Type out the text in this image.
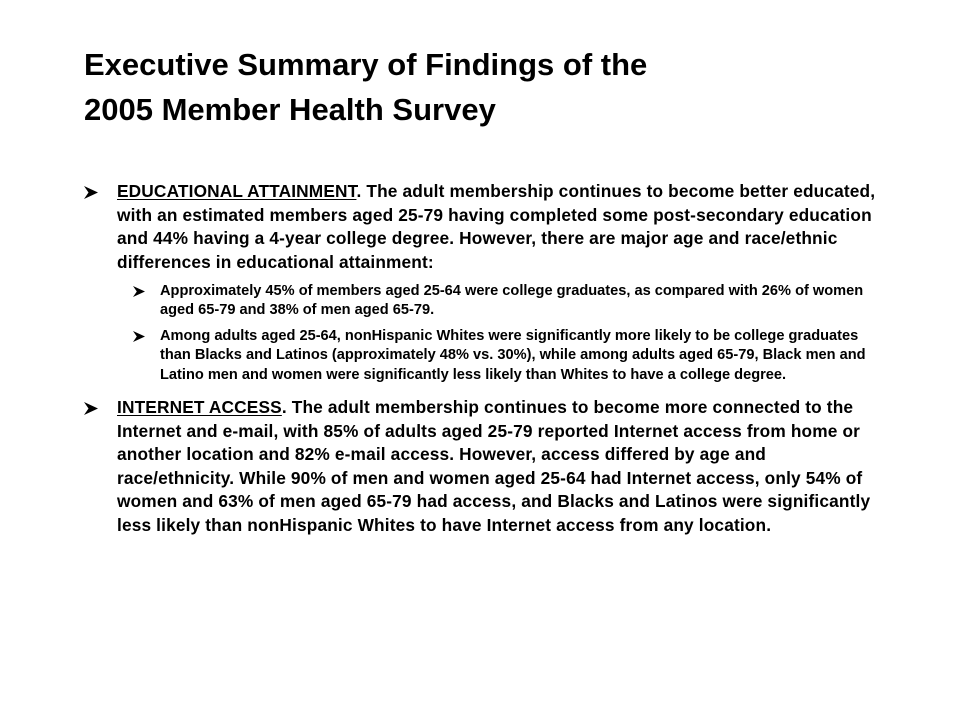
Executive Summary of Findings of the
2005 Member Health Survey
EDUCATIONAL ATTAINMENT. The adult membership continues to become better educated, with an estimated members aged 25-79 having completed some post-secondary education and 44% having a 4-year college degree. However, there are major age and race/ethnic differences in educational attainment:
Approximately 45% of members aged 25-64 were college graduates, as compared with 26% of women aged 65-79 and 38% of men aged 65-79.
Among adults aged 25-64, nonHispanic Whites were significantly more likely to be college graduates than Blacks and Latinos (approximately 48% vs. 30%), while among adults aged 65-79, Black men and Latino men and women were significantly less likely than Whites to have a college degree.
INTERNET ACCESS. The adult membership continues to become more connected to the Internet and e-mail, with 85% of adults aged 25-79 reported Internet access from home or another location and 82% e-mail access. However, access differed by age and race/ethnicity. While 90% of men and women aged 25-64 had Internet access, only 54% of women and 63% of men aged 65-79 had access, and Blacks and Latinos were significantly less likely than nonHispanic Whites to have Internet access from any location.
